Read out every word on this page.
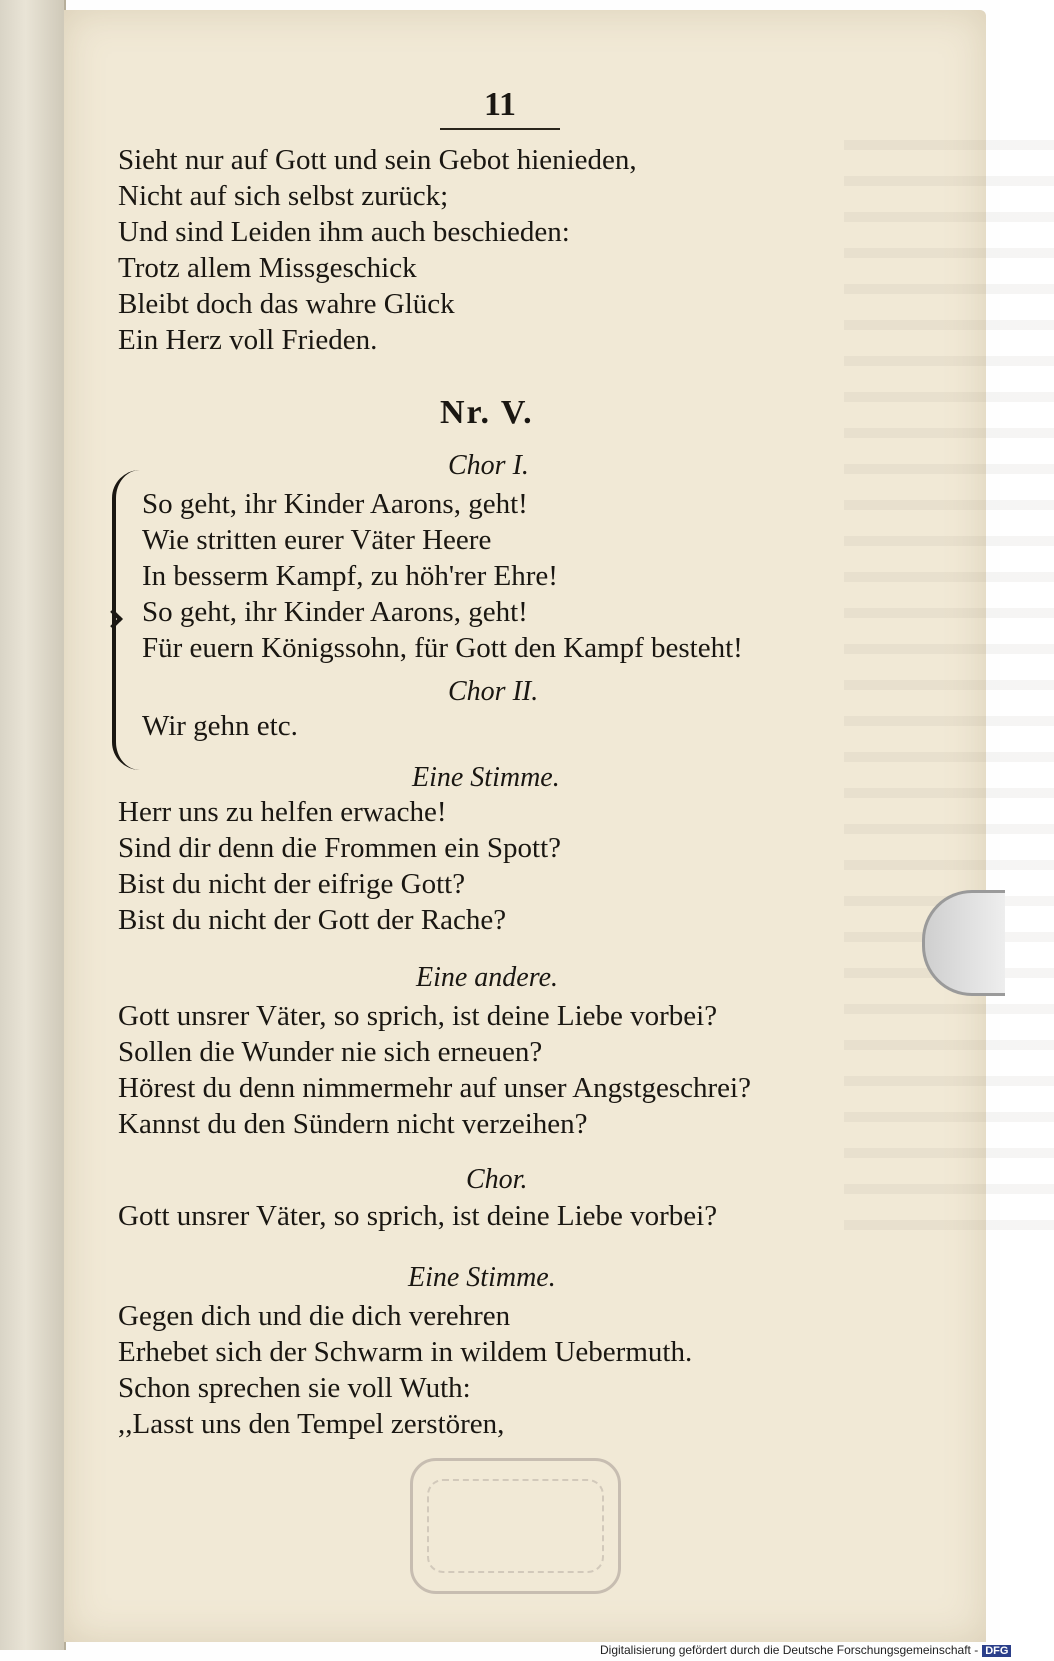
11
Sieht nur auf Gott und sein Gebot hienieden,
Nicht auf sich selbst zurück;
Und sind Leiden ihm auch beschieden:
Trotz allem Missgeschick
Bleibt doch das wahre Glück
Ein Herz voll Frieden.
Nr. V.
Chor I.
So geht, ihr Kinder Aarons, geht!
Wie stritten eurer Väter Heere
In besserm Kampf, zu höh'rer Ehre!
So geht, ihr Kinder Aarons, geht!
Für euern Königssohn, für Gott den Kampf besteht!
Chor II.
Wir gehn etc.
Eine Stimme.
Herr uns zu helfen erwache!
Sind dir denn die Frommen ein Spott?
Bist du nicht der eifrige Gott?
Bist du nicht der Gott der Rache?
Eine andere.
Gott unsrer Väter, so sprich, ist deine Liebe vorbei?
Sollen die Wunder nie sich erneuen?
Hörest du denn nimmermehr auf unser Angstgeschrei?
Kannst du den Sündern nicht verzeihen?
Chor.
Gott unsrer Väter, so sprich, ist deine Liebe vorbei?
Eine Stimme.
Gegen dich und die dich verehren
Erhebet sich der Schwarm in wildem Uebermuth.
Schon sprechen sie voll Wuth:
,,Lasst uns den Tempel zerstören,
Digitalisierung gefördert durch die Deutsche Forschungsgemeinschaft - DFG
